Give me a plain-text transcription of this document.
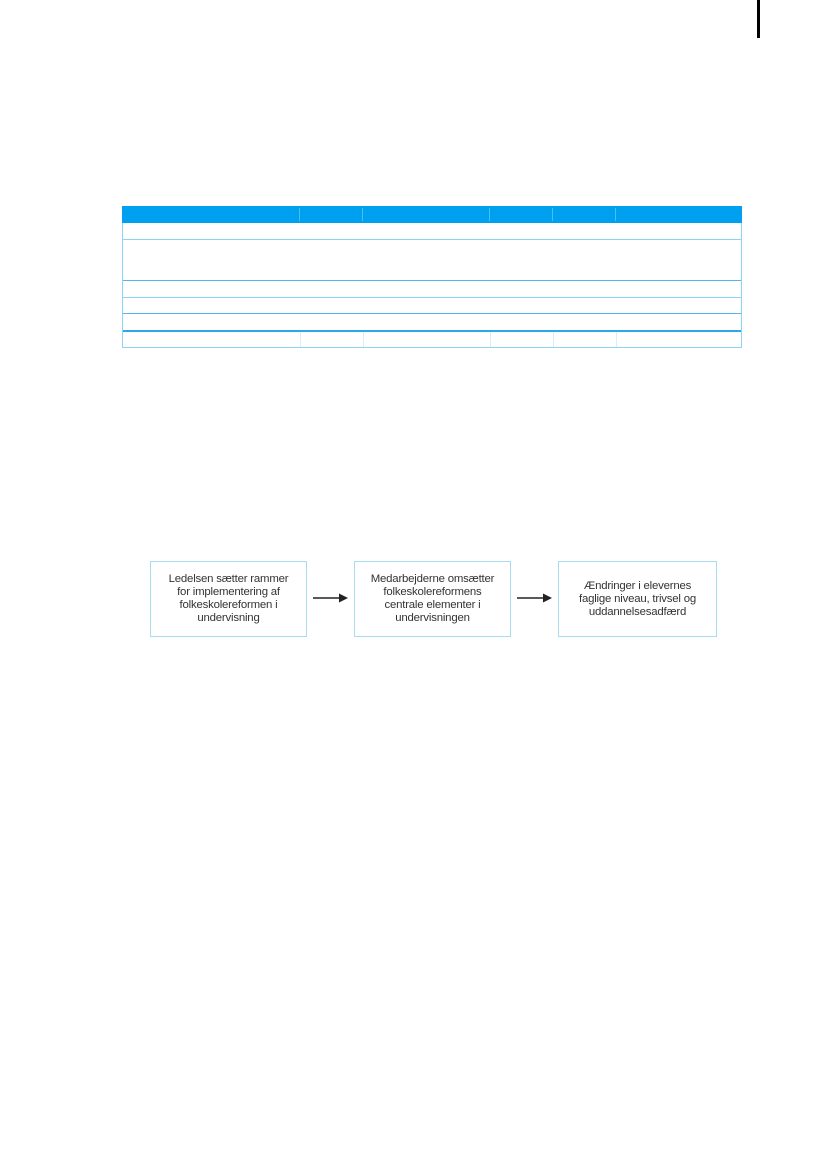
Ledelsen sætter rammer
for implementering af
folkeskolereformen i
undervisning
Medarbejderne omsætter
folkeskolereformens
centrale elementer i
undervisningen
Ændringer i elevernes
faglige niveau, trivsel og
uddannelsesadfærd
